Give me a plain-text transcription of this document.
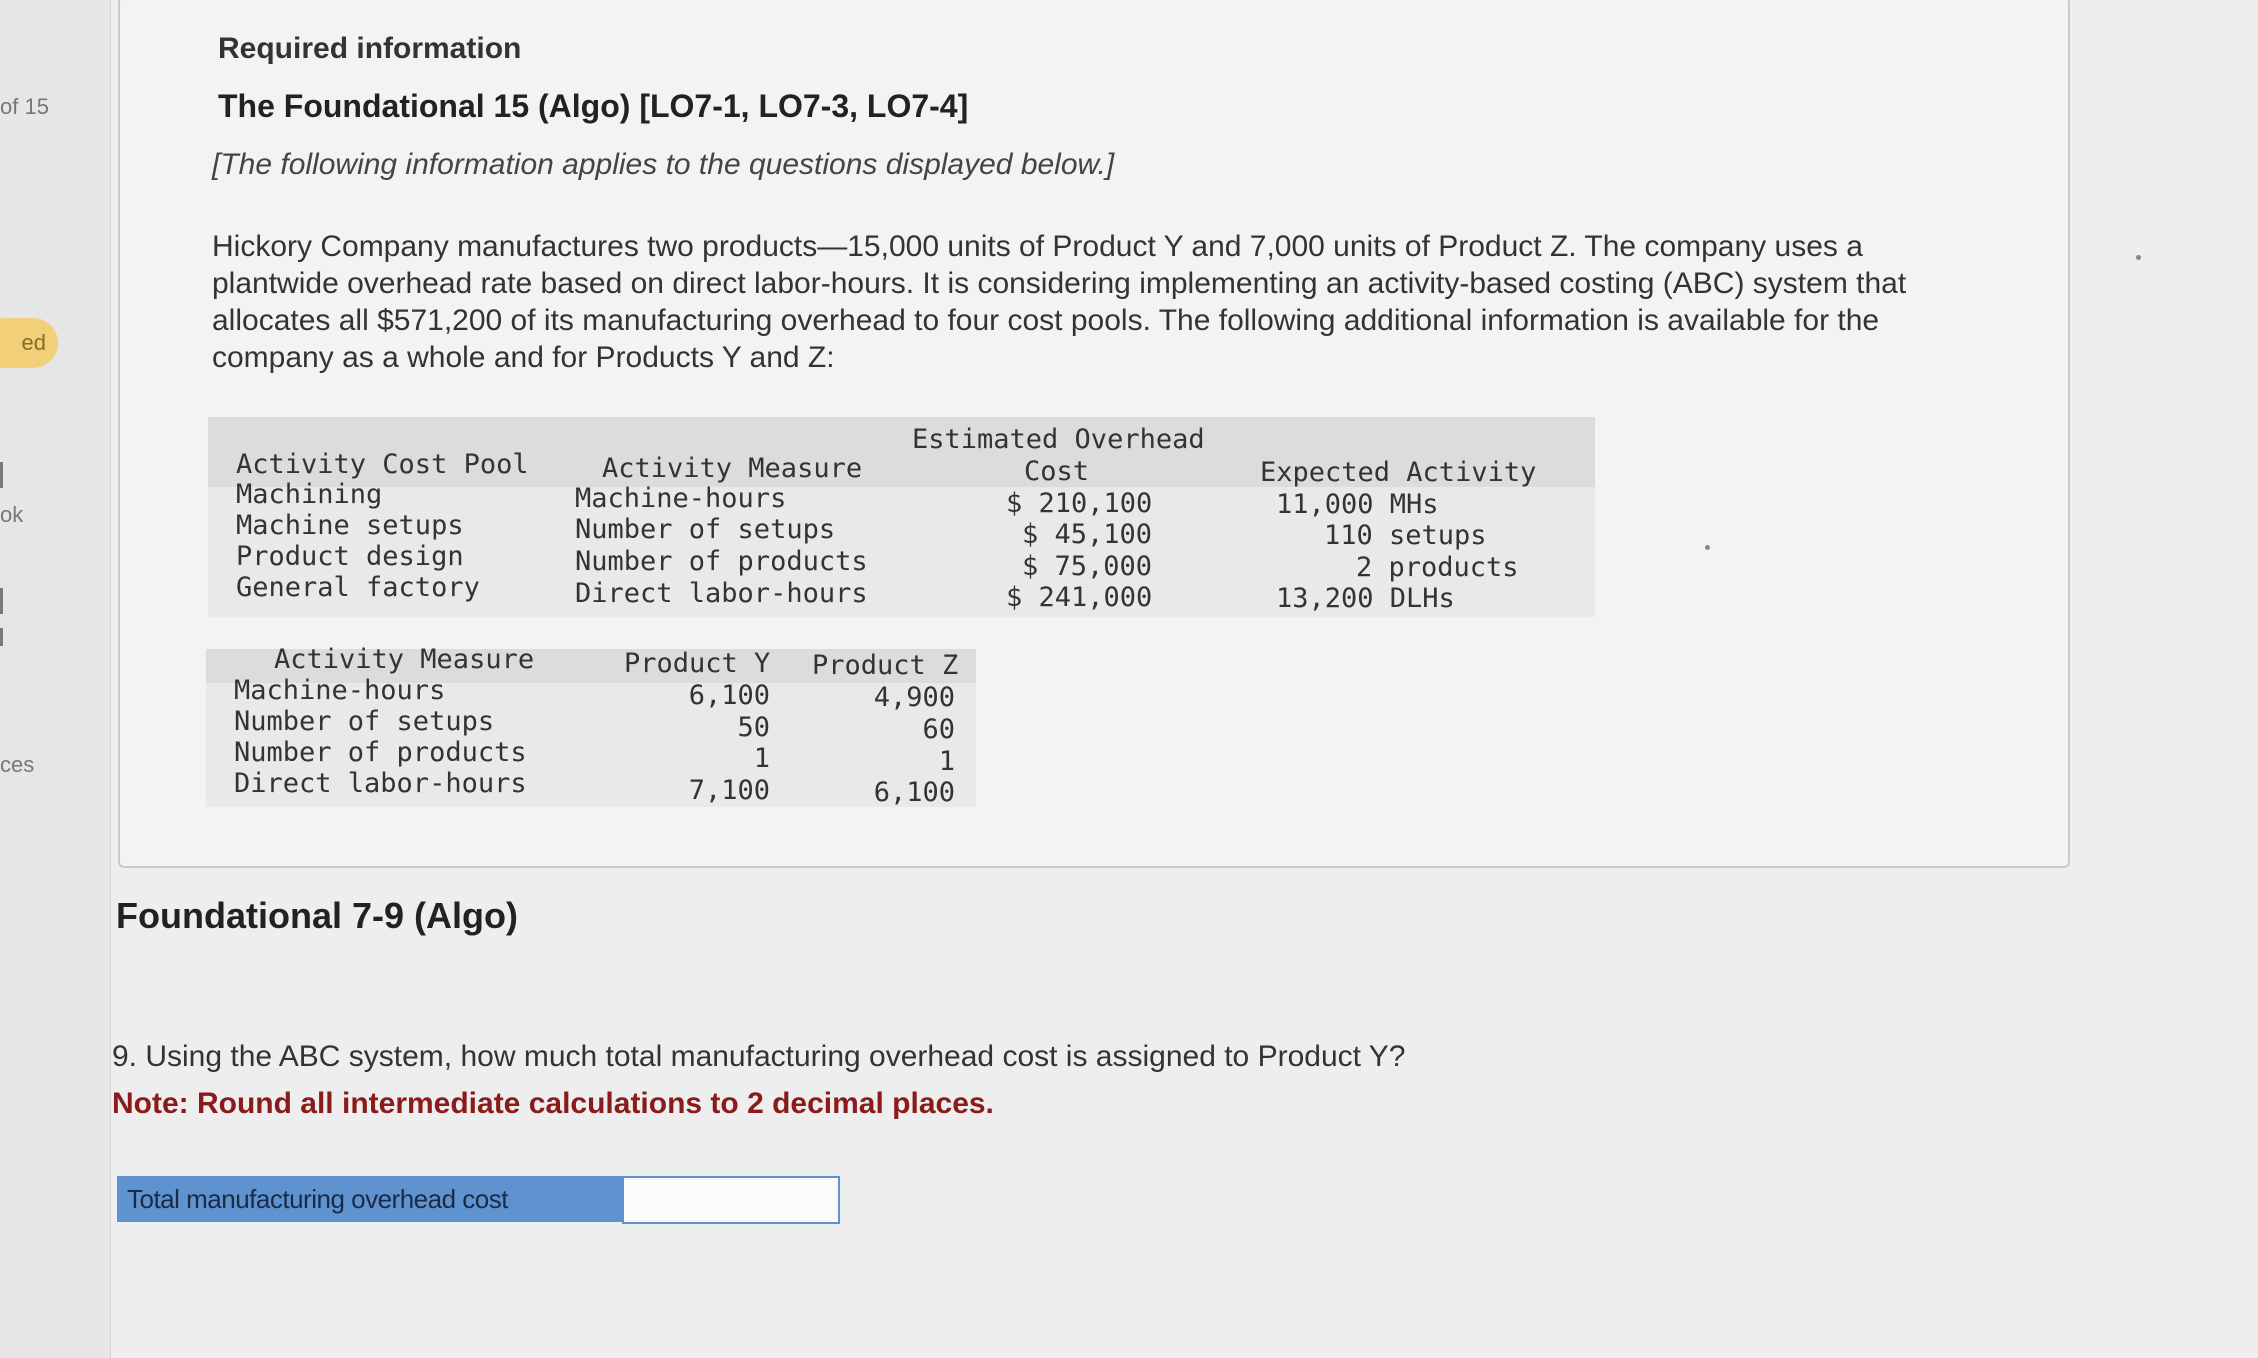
of 15
ed
ok
ces
Required information
The Foundational 15 (Algo) [LO7-1, LO7-3, LO7-4]
[The following information applies to the questions displayed below.]
Hickory Company manufactures two products—15,000 units of Product Y and 7,000 units of Product Z. The company uses a plantwide overhead rate based on direct labor-hours. It is considering implementing an activity-based costing (ABC) system that allocates all $571,200 of its manufacturing overhead to four cost pools. The following additional information is available for the company as a whole and for Products Y and Z:
Activity Cost Pool	Activity Measure
Estimated Overhead
Cost	Expected Activity
Machining	Machine-hours	$ 210,100	11,000 MHs
Machine setups	Number of setups	$ 45,100	110 setups
Product design	Number of products	$ 75,000	2 products
General factory	Direct labor-hours	$ 241,000	13,200 DLHs
Activity Measure	Product Y Product Z
Machine-hours	6,100	4,900
Number of setups	50	60
Number of products	1	1
Direct labor-hours	7,100	6,100
Foundational 7-9 (Algo)
9. Using the ABC system, how much total manufacturing overhead cost is assigned to Product Y?
Note: Round all intermediate calculations to 2 decimal places.
Total manufacturing overhead cost
